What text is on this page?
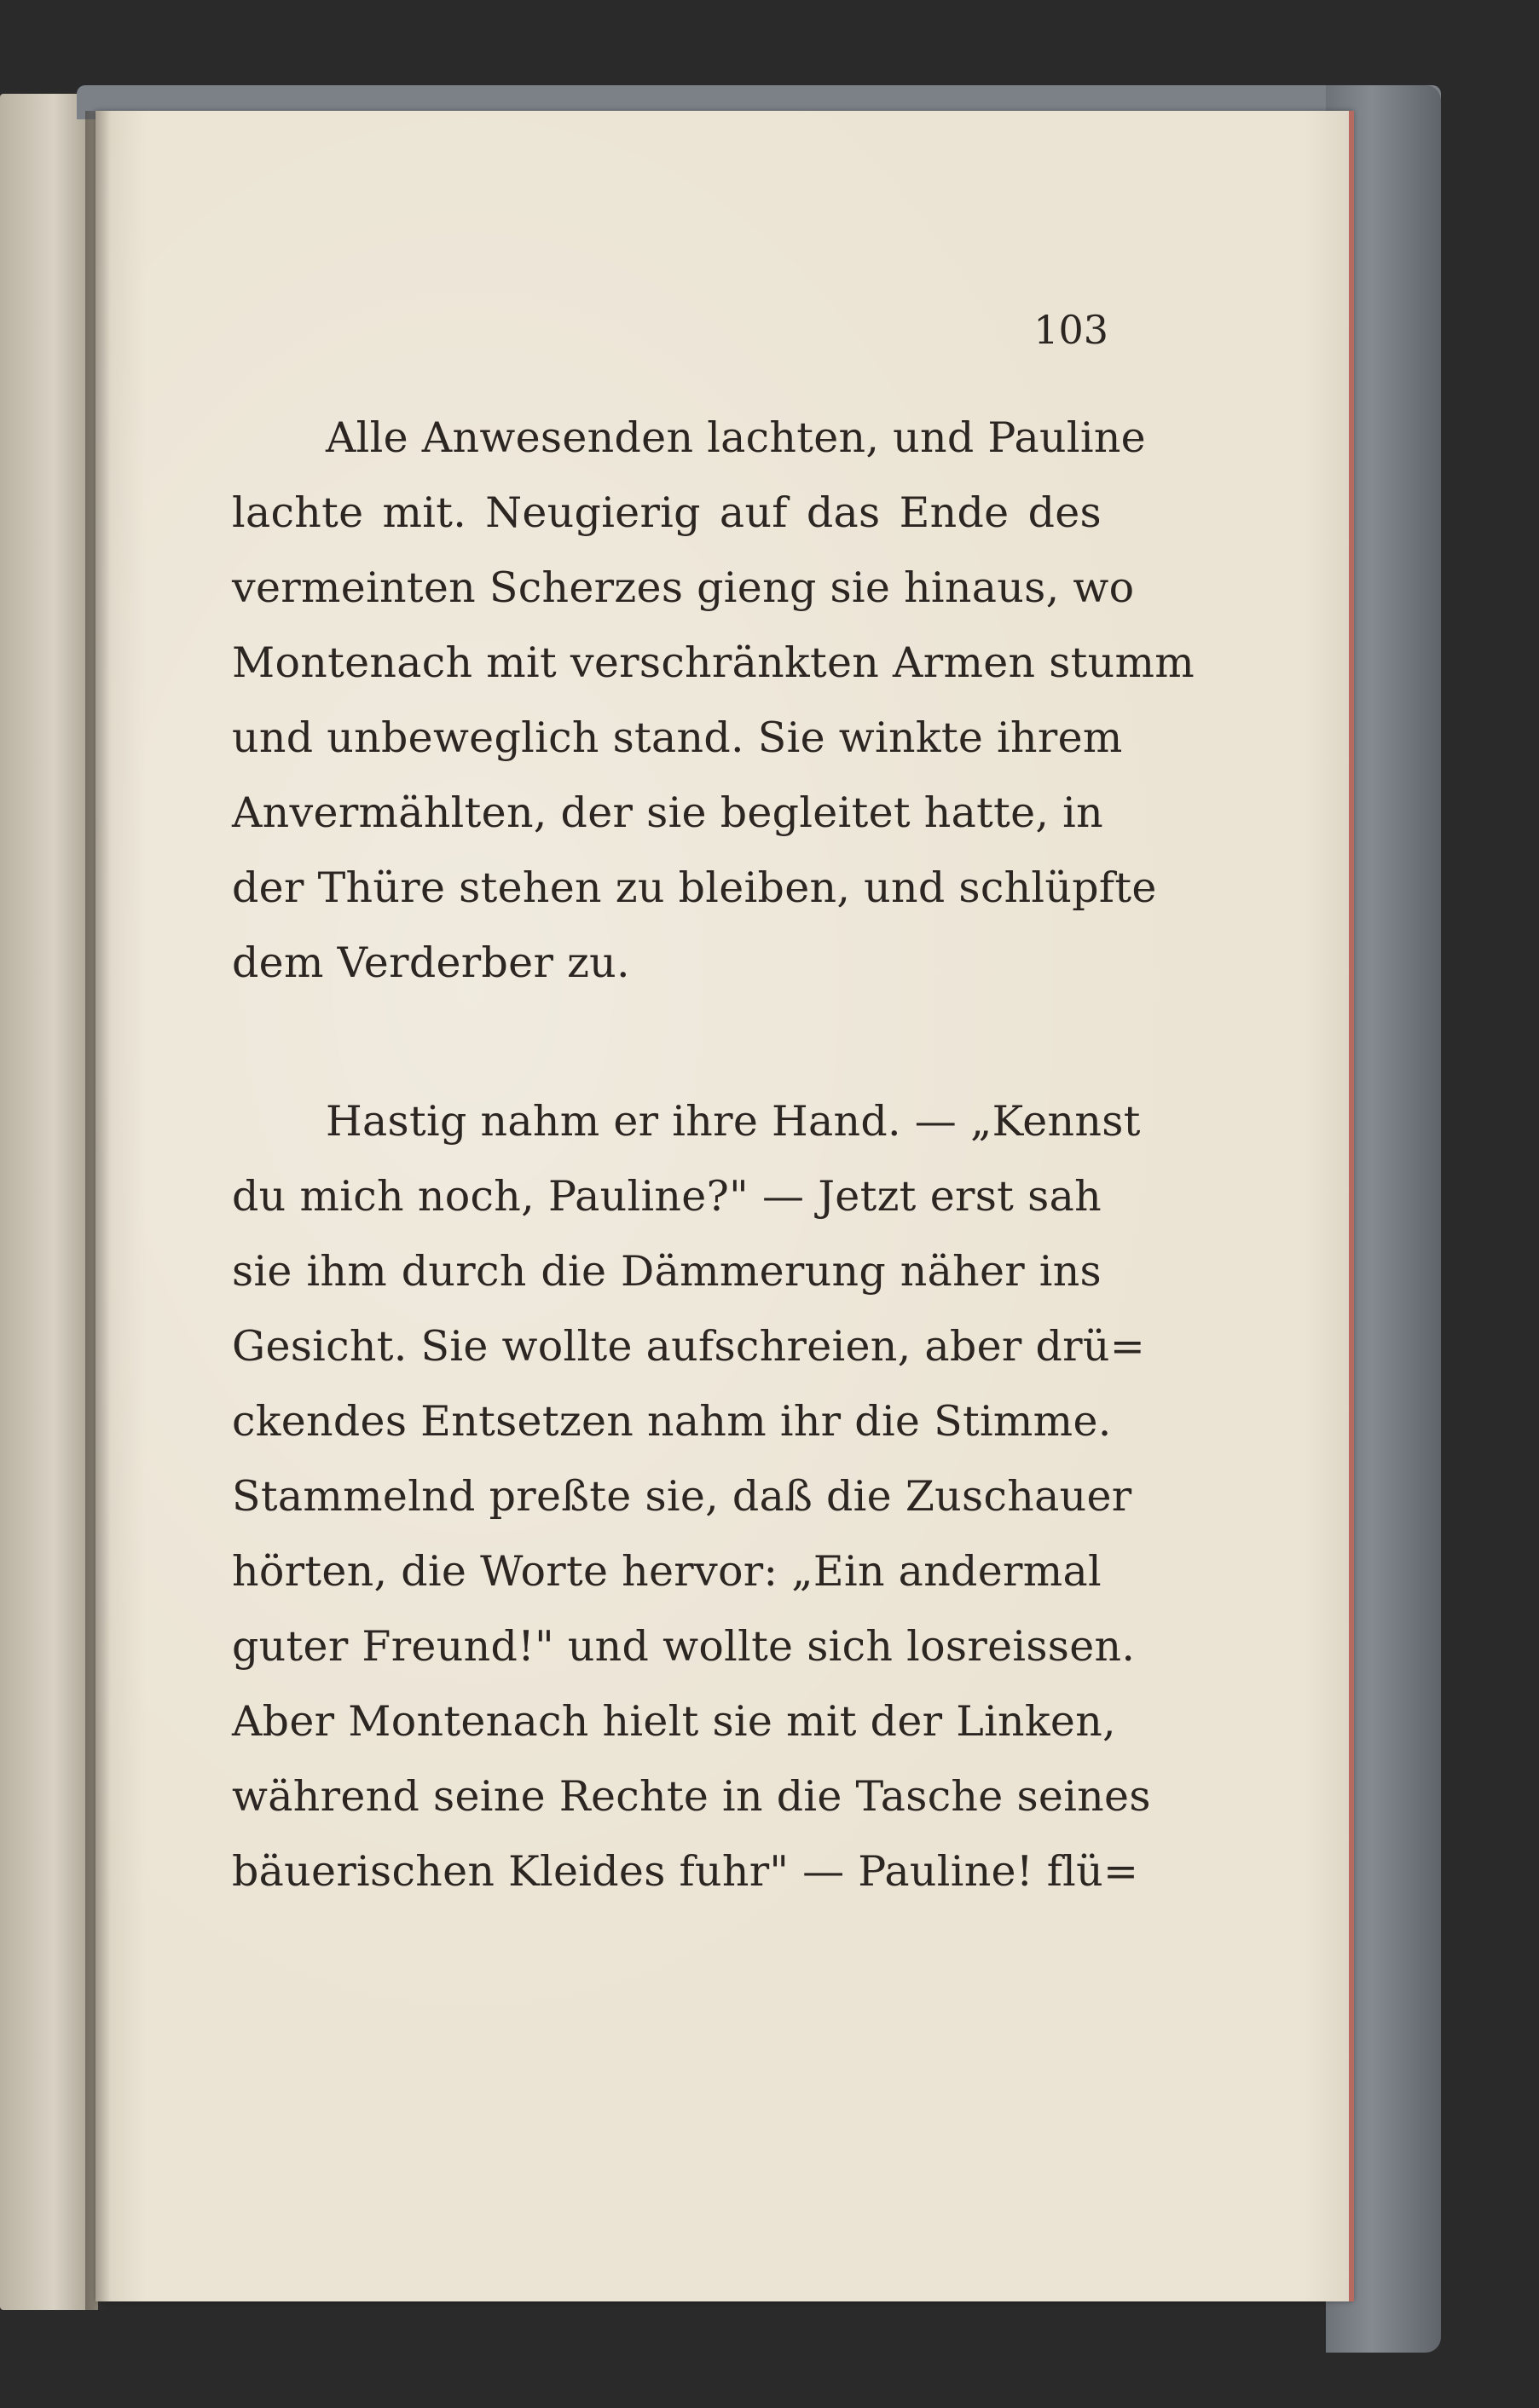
103
Alle Anwesenden lachten, und Pauline
lachte mit. Neugierig auf das Ende des
vermeinten Scherzes gieng sie hinaus, wo
Montenach mit verschränkten Armen stumm
und unbeweglich stand. Sie winkte ihrem
Anvermählten, der sie begleitet hatte, in
der Thüre stehen zu bleiben, und schlüpfte
dem Verderber zu.
Hastig nahm er ihre Hand. — „Kennst
du mich noch, Pauline?" — Jetzt erst sah
sie ihm durch die Dämmerung näher ins
Gesicht. Sie wollte aufschreien, aber drü=
ckendes Entsetzen nahm ihr die Stimme.
Stammelnd preßte sie, daß die Zuschauer
hörten, die Worte hervor: „Ein andermal
guter Freund!" und wollte sich losreissen.
Aber Montenach hielt sie mit der Linken,
während seine Rechte in die Tasche seines
bäuerischen Kleides fuhr" — Pauline! flü=
